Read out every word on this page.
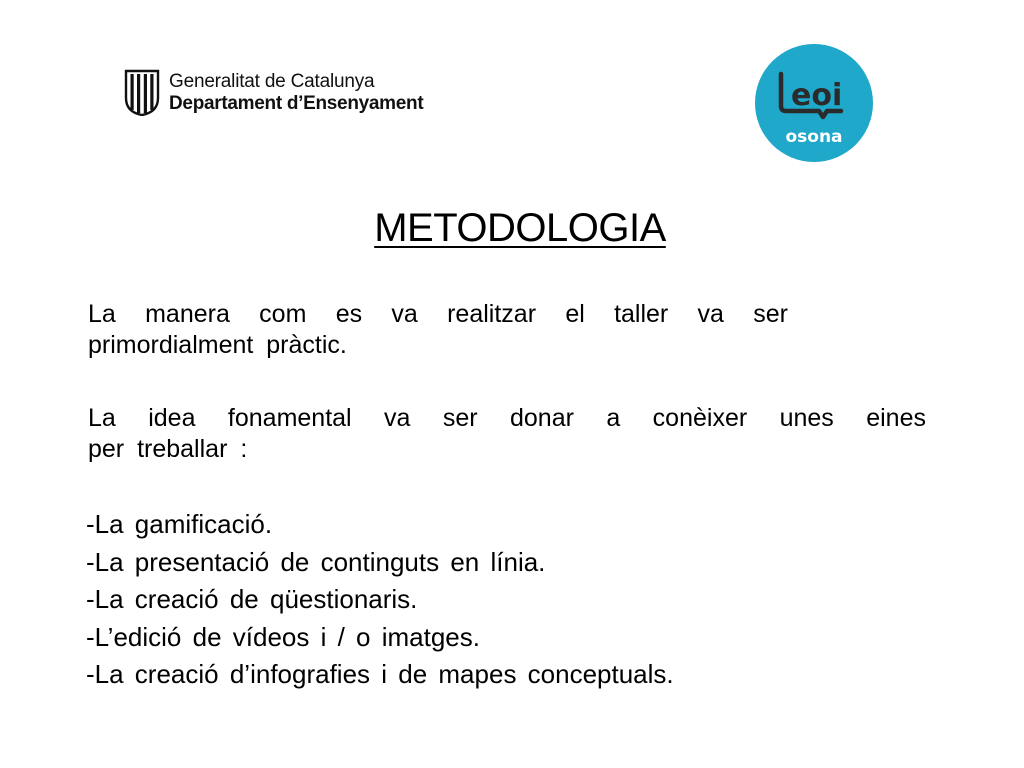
Generalitat de Catalunya
Departament d’Ensenyament	eoi
osona
METODOLOGIA
La manera com es va realitzar el taller va ser
primordialment pràctic.
La idea fonamental va ser donar a conèixer unes eines
per treballar :
-La gamificació.
-La presentació de continguts en línia.
-La creació de qüestionaris.
-L’edició de vídeos i / o imatges.
-La creació d’infografies i de mapes conceptuals.
